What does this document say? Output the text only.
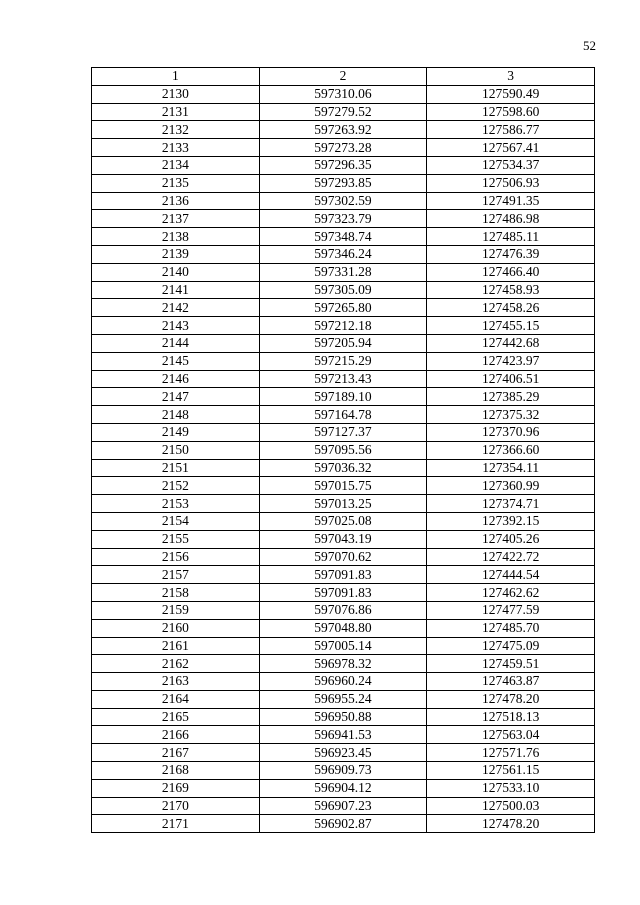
52
1	2	3
2130	597310.06	127590.49
2131	597279.52	127598.60
2132	597263.92	127586.77
2133	597273.28	127567.41
2134	597296.35	127534.37
2135	597293.85	127506.93
2136	597302.59	127491.35
2137	597323.79	127486.98
2138	597348.74	127485.11
2139	597346.24	127476.39
2140	597331.28	127466.40
2141	597305.09	127458.93
2142	597265.80	127458.26
2143	597212.18	127455.15
2144	597205.94	127442.68
2145	597215.29	127423.97
2146	597213.43	127406.51
2147	597189.10	127385.29
2148	597164.78	127375.32
2149	597127.37	127370.96
2150	597095.56	127366.60
2151	597036.32	127354.11
2152	597015.75	127360.99
2153	597013.25	127374.71
2154	597025.08	127392.15
2155	597043.19	127405.26
2156	597070.62	127422.72
2157	597091.83	127444.54
2158	597091.83	127462.62
2159	597076.86	127477.59
2160	597048.80	127485.70
2161	597005.14	127475.09
2162	596978.32	127459.51
2163	596960.24	127463.87
2164	596955.24	127478.20
2165	596950.88	127518.13
2166	596941.53	127563.04
2167	596923.45	127571.76
2168	596909.73	127561.15
2169	596904.12	127533.10
2170	596907.23	127500.03
2171	596902.87	127478.20
